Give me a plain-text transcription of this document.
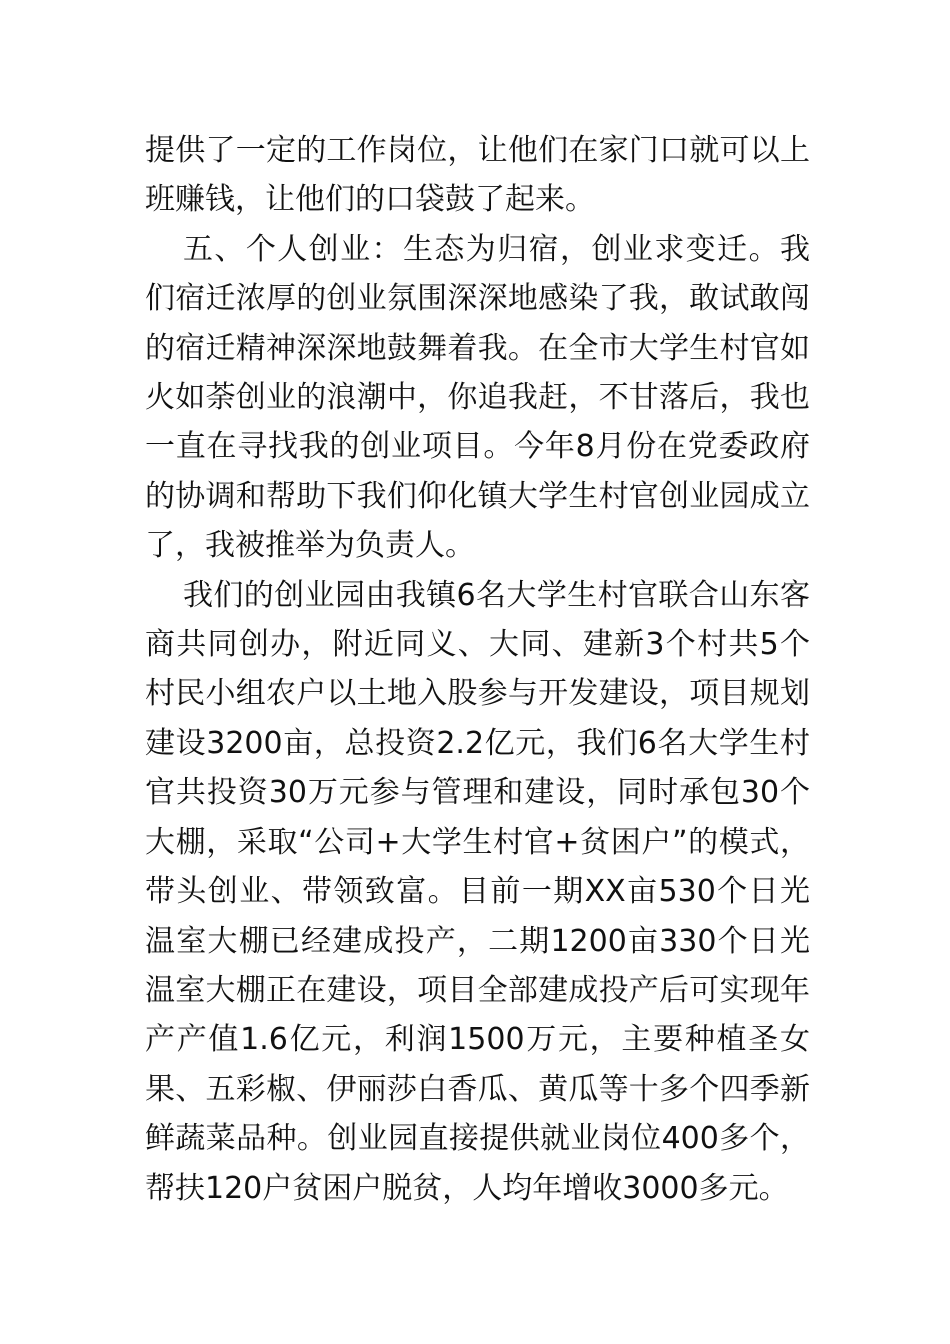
提供了一定的工作岗位，让他们在家门口就可以上班赚钱，让他们的口袋鼓了起来。

五、个人创业：生态为归宿，创业求变迁。我们宿迁浓厚的创业氛围深深地感染了我，敢试敢闯的宿迁精神深深地鼓舞着我。在全市大学生村官如火如荼创业的浪潮中，你追我赶，不甘落后，我也一直在寻找我的创业项目。今年8月份在党委政府的协调和帮助下我们仰化镇大学生村官创业园成立了，我被推举为负责人。

我们的创业园由我镇6名大学生村官联合山东客商共同创办，附近同义、大同、建新3个村共5个村民小组农户以土地入股参与开发建设，项目规划建设3200亩，总投资2.2亿元，我们6名大学生村官共投资30万元参与管理和建设，同时承包30个大棚，采取“公司+大学生村官+贫困户”的模式，带头创业、带领致富。目前一期XX亩530个日光温室大棚已经建成投产，二期1200亩330个日光温室大棚正在建设，项目全部建成投产后可实现年产产值1.6亿元，利润1500万元，主要种植圣女果、五彩椒、伊丽莎白香瓜、黄瓜等十多个四季新鲜蔬菜品种。创业园直接提供就业岗位400多个，帮扶120户贫困户脱贫，人均年增收3000多元。
